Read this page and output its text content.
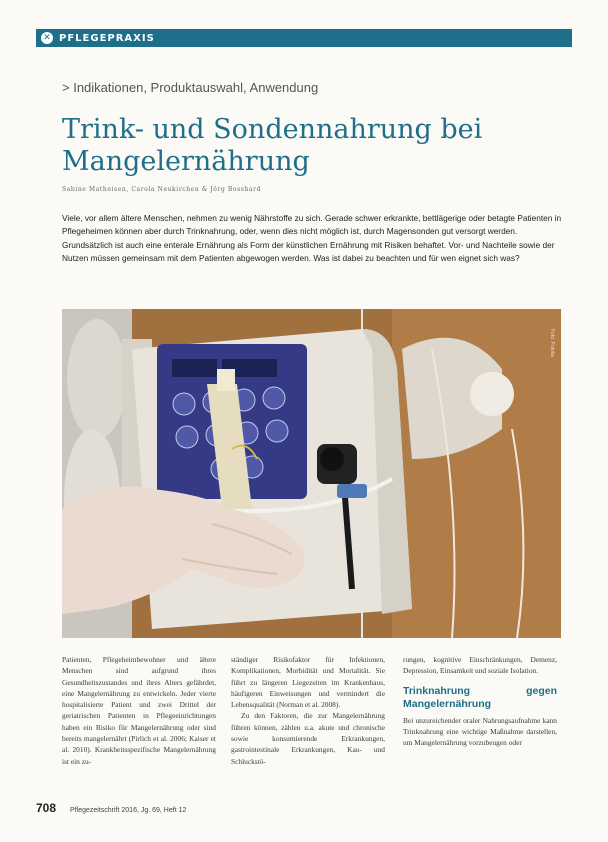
✕ PFLEGEPRAXIS
> Indikationen, Produktauswahl, Anwendung
Trink- und Sondennahrung bei Mangelernährung
Sabine Matheisen, Carola Neukirchen & Jörg Bosshard

Viele, vor allem ältere Menschen, nehmen zu wenig Nährstoffe zu sich. Gerade schwer erkrankte, bettlägerige oder betagte Patienten in Pflegeheimen können aber durch Trinknahrung, oder, wenn dies nicht möglich ist, durch Magensonden gut versorgt werden. Grundsätzlich ist auch eine enterale Ernährung als Form der künstlichen Ernährung mit Risiken behaftet. Vor- und Nachteile sowie der Nutzen müssen gemeinsam mit dem Patienten abgewogen werden. Was ist dabei zu beachten und für wen eignet sich was?

Foto: Fotolia

Patienten, Pflegeheimbewohner und ältere Menschen sind aufgrund ihres Gesundheitszustandes und ihres Alters gefährdet, eine Mangelernährung zu entwickeln. Jeder vierte hospitalisierte Patient und zwei Drittel der geriatrischen Patienten in Pflegeeinrichtungen haben ein Risiko für Mangelernährung oder sind bereits mangelernährt (Pirlich et al. 2006; Kaiser et al. 2010). Krankheitsspezifische Mangelernährung ist ein zu-

ständiger Risikofaktor für Infektionen, Komplikationen, Morbidität und Mortalität. Sie führt zu längeren Liegezeiten im Krankenhaus, häufigeren Einweisungen und vermindert die Lebensqualität (Norman et al. 2008).

Zu den Faktoren, die zur Mangelernährung führen können, zählen u.a. akute und chronische sowie konsumierende Erkrankungen, gastrointestinale Erkrankungen, Kau- und Schluckstö-

rungen, kognitive Einschränkungen, Demenz, Depression, Einsamkeit und soziale Isolation.

Trinknahrung gegen Mangelernährung

Bei unzureichender oraler Nahrungsaufnahme kann Trinknahrung eine wichtige Maßnahme darstellen, um Mangelernährung vorzubeugen oder

708 Pflegezeitschrift 2016, Jg. 69, Heft 12
